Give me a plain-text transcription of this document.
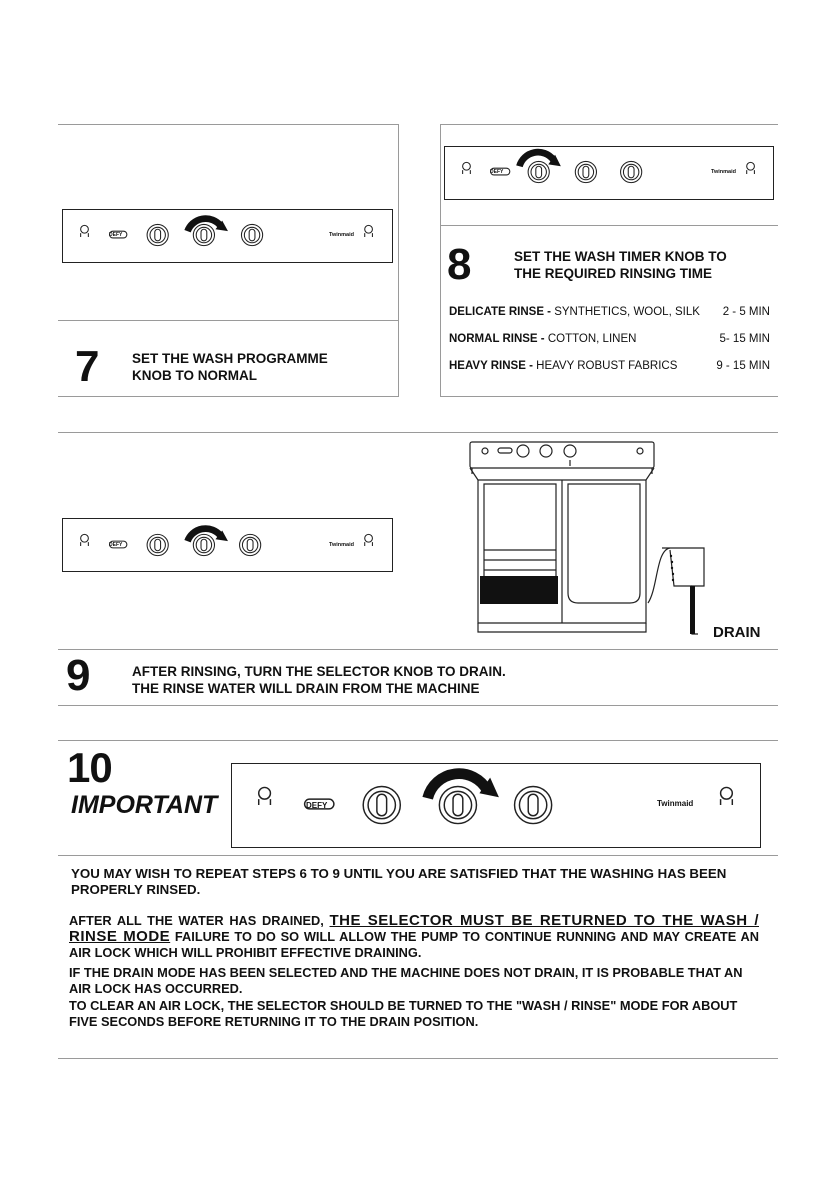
DEFY	Twinmaid
7 SET THE WASH PROGRAMME KNOB TO NORMAL
DEFY	Twinmaid
8	SET THE WASH TIMER KNOB TO THE REQUIRED RINSING TIME
DELICATE RINSE - SYNTHETICS, WOOL, SILK	2 - 5 MIN
NORMAL RINSE - COTTON, LINEN	5- 15 MIN
HEAVY RINSE - HEAVY ROBUST FABRICS	9 - 15 MIN
DEFY	Twinmaid
DRAIN
9	AFTER RINSING, TURN THE SELECTOR KNOB TO DRAIN.
THE RINSE WATER WILL DRAIN FROM THE MACHINE
10
IMPORTANT	DEFY	Twinmaid
YOU MAY WISH TO REPEAT STEPS 6 TO 9 UNTIL YOU ARE SATISFIED THAT THE WASHING HAS BEEN PROPERLY RINSED.
AFTER ALL THE WATER HAS DRAINED, THE SELECTOR MUST BE RETURNED TO THE WASH / RINSE MODE FAILURE TO DO SO WILL ALLOW THE PUMP TO CONTINUE RUNNING AND MAY CREATE AN AIR LOCK WHICH WILL PROHIBIT EFFECTIVE DRAINING.
IF THE DRAIN MODE HAS BEEN SELECTED AND THE MACHINE DOES NOT DRAIN, IT IS PROBABLE THAT AN AIR LOCK HAS OCCURRED.
TO CLEAR AN AIR LOCK, THE SELECTOR SHOULD BE TURNED TO THE "WASH / RINSE" MODE FOR ABOUT FIVE SECONDS BEFORE RETURNING IT TO THE DRAIN POSITION.
